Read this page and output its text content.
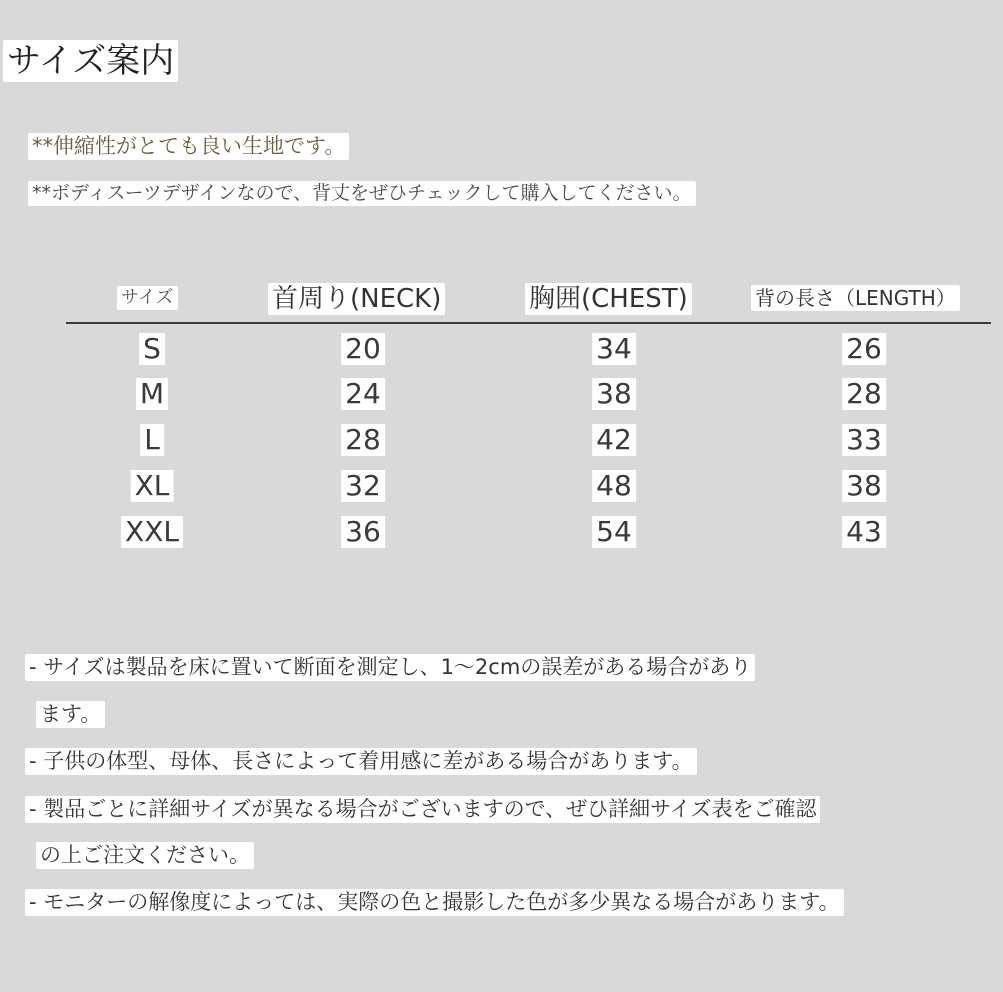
サイズ案内
**伸縮性がとても良い生地です。
**ボディスーツデザインなので、背丈をぜひチェックして購入してください。
サイズ	首周り(NECK)	胸囲(CHEST)	背の長さ（LENGTH）
S	20	34	26
M	24	38	28
L	28	42	33
XL	32	48	38
XXL	36	54	43
- サイズは製品を床に置いて断面を測定し、1～2cmの誤差がある場合があり
ます。
- 子供の体型、母体、長さによって着用感に差がある場合があります。
- 製品ごとに詳細サイズが異なる場合がございますので、ぜひ詳細サイズ表をご確認
の上ご注文ください。
- モニターの解像度によっては、実際の色と撮影した色が多少異なる場合があります。
